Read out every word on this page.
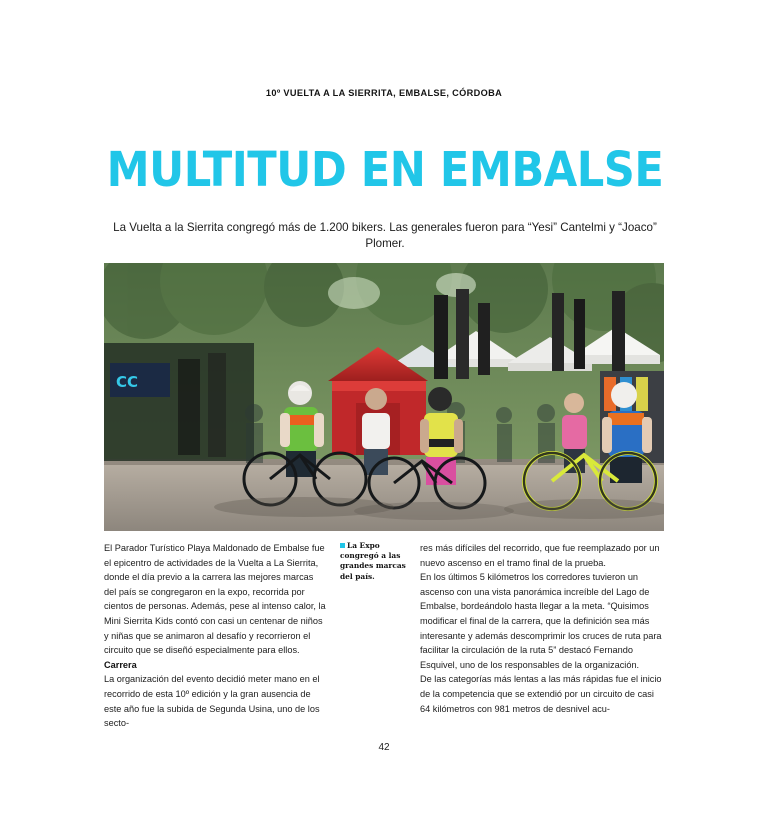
10º VUELTA A LA SIERRITA, EMBALSE, CÓRDOBA
MULTITUD EN EMBALSE
La Vuelta a la Sierrita congregó más de 1.200 bikers. Las generales fueron para “Yesi” Cantelmi y “Joaco” Plomer.
CC

El Parador Turístico Playa Maldonado de Embalse fue el epicentro de actividades de la Vuelta a La Sierrita, donde el día previo a la carrera las mejores marcas del país se congregaron en la expo, recorrida por cientos de personas. Además, pese al intenso calor, la Mini Sierrita Kids contó con casi un centenar de niños y niñas que se animaron al desafío y recorrieron el circuito que se diseñó especialmente para ellos.

Carrera

La organización del evento decidió meter mano en el recorrido de esta 10º edición y la gran ausencia de este año fue la subida de Segunda Usina, uno de los secto-

La Expo congregó a las grandes marcas del país.

res más difíciles del recorrido, que fue reemplazado por un nuevo ascenso en el tramo final de la prueba.

En los últimos 5 kilómetros los corredores tuvieron un ascenso con una vista panorámica increíble del Lago de Embalse, bordeándolo hasta llegar a la meta. “Quisimos modificar el final de la carrera, que la definición sea más interesante y además descomprimir los cruces de ruta para facilitar la circulación de la ruta 5” destacó Fernando Esquivel, uno de los responsables de la organización.

De las categorías más lentas a las más rápidas fue el inicio de la competencia que se extendió por un circuito de casi 64 kilómetros con 981 metros de desnivel acu-

42
